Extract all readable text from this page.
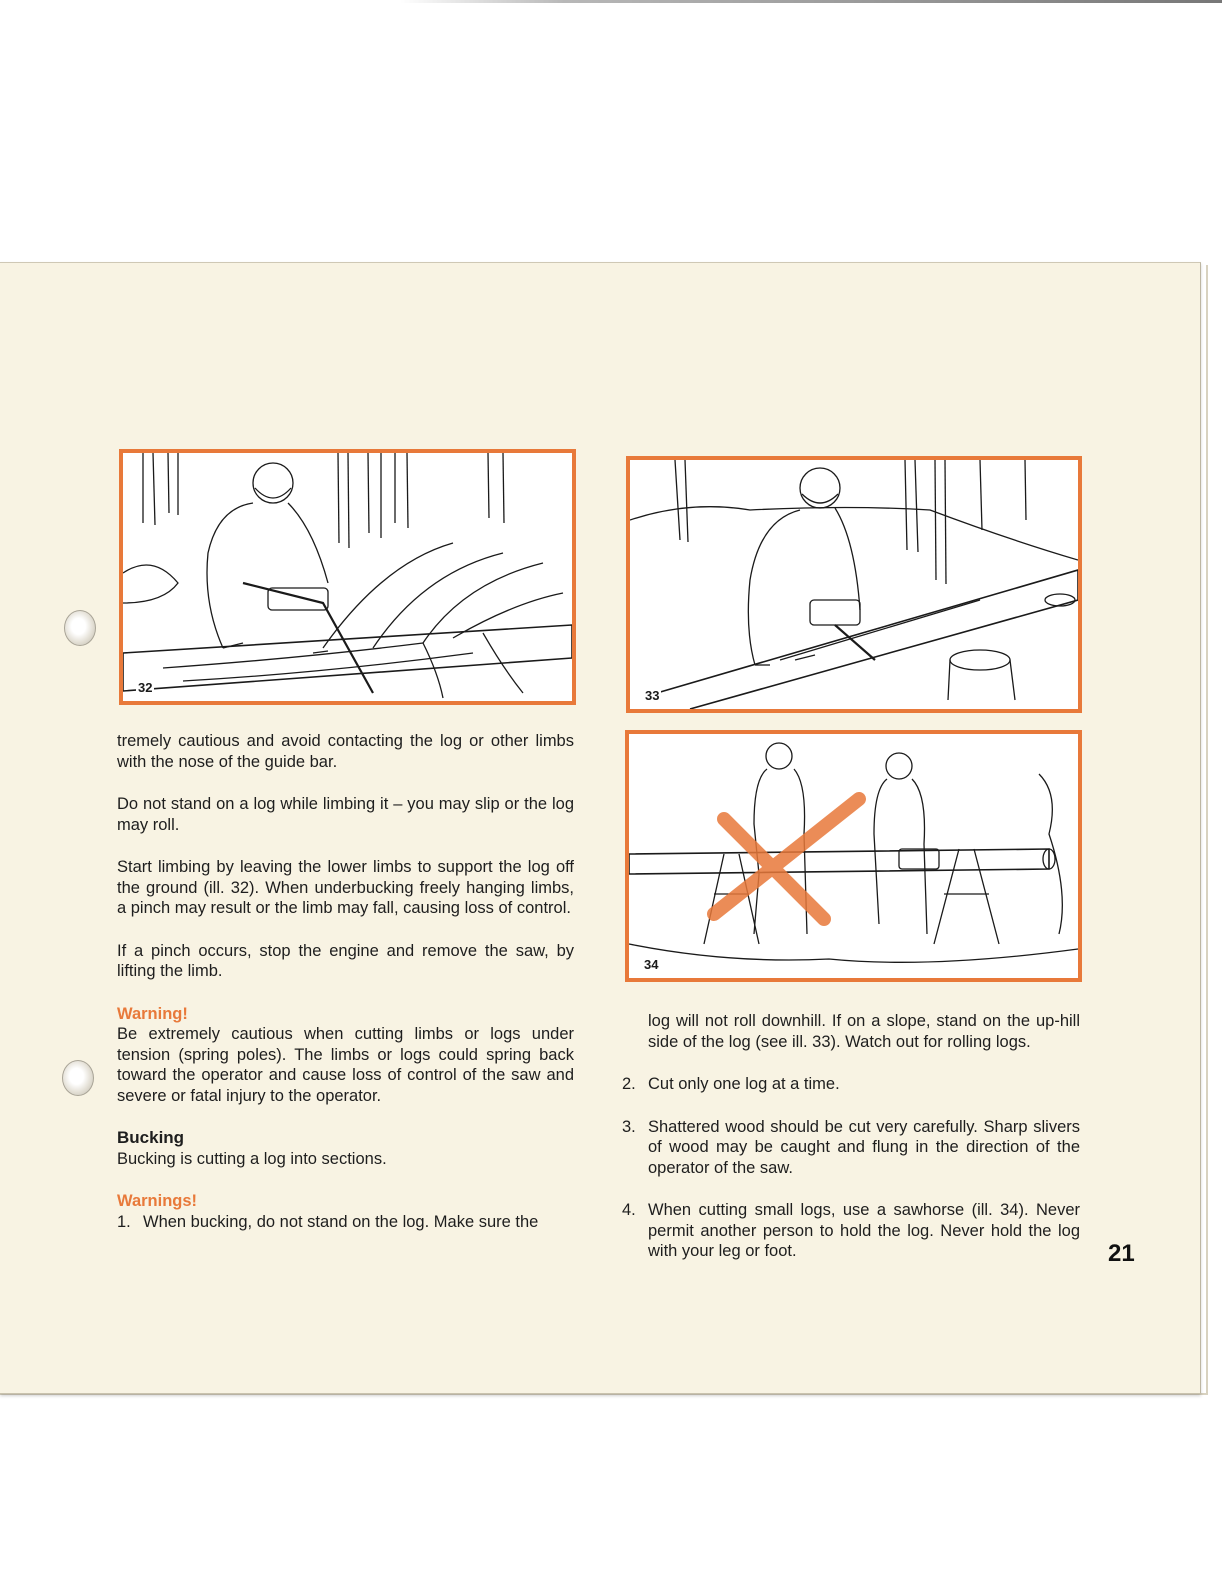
32
33
34

tremely cautious and avoid contacting the log or other limbs with the nose of the guide bar.

Do not stand on a log while limbing it – you may slip or the log may roll.

Start limbing by leaving the lower limbs to support the log off the ground (ill. 32). When underbucking freely hanging limbs, a pinch may result or the limb may fall, causing loss of control.

If a pinch occurs, stop the engine and remove the saw, by lifting the limb.

Warning!

Be extremely cautious when cutting limbs or logs under tension (spring poles). The limbs or logs could spring back toward the operator and cause loss of control of the saw and severe or fatal injury to the operator.

Bucking

Bucking is cutting a log into sections.

Warnings!
1. When bucking, do not stand on the log. Make sure the
log will not roll downhill. If on a slope, stand on the up-hill side of the log (see ill. 33). Watch out for rolling logs.
2. Cut only one log at a time.
3. Shattered wood should be cut very carefully. Sharp slivers of wood may be caught and flung in the direction of the operator of the saw.
4. When cutting small logs, use a sawhorse (ill. 34). Never permit another person to hold the log. Never hold the log with your leg or foot.	21
